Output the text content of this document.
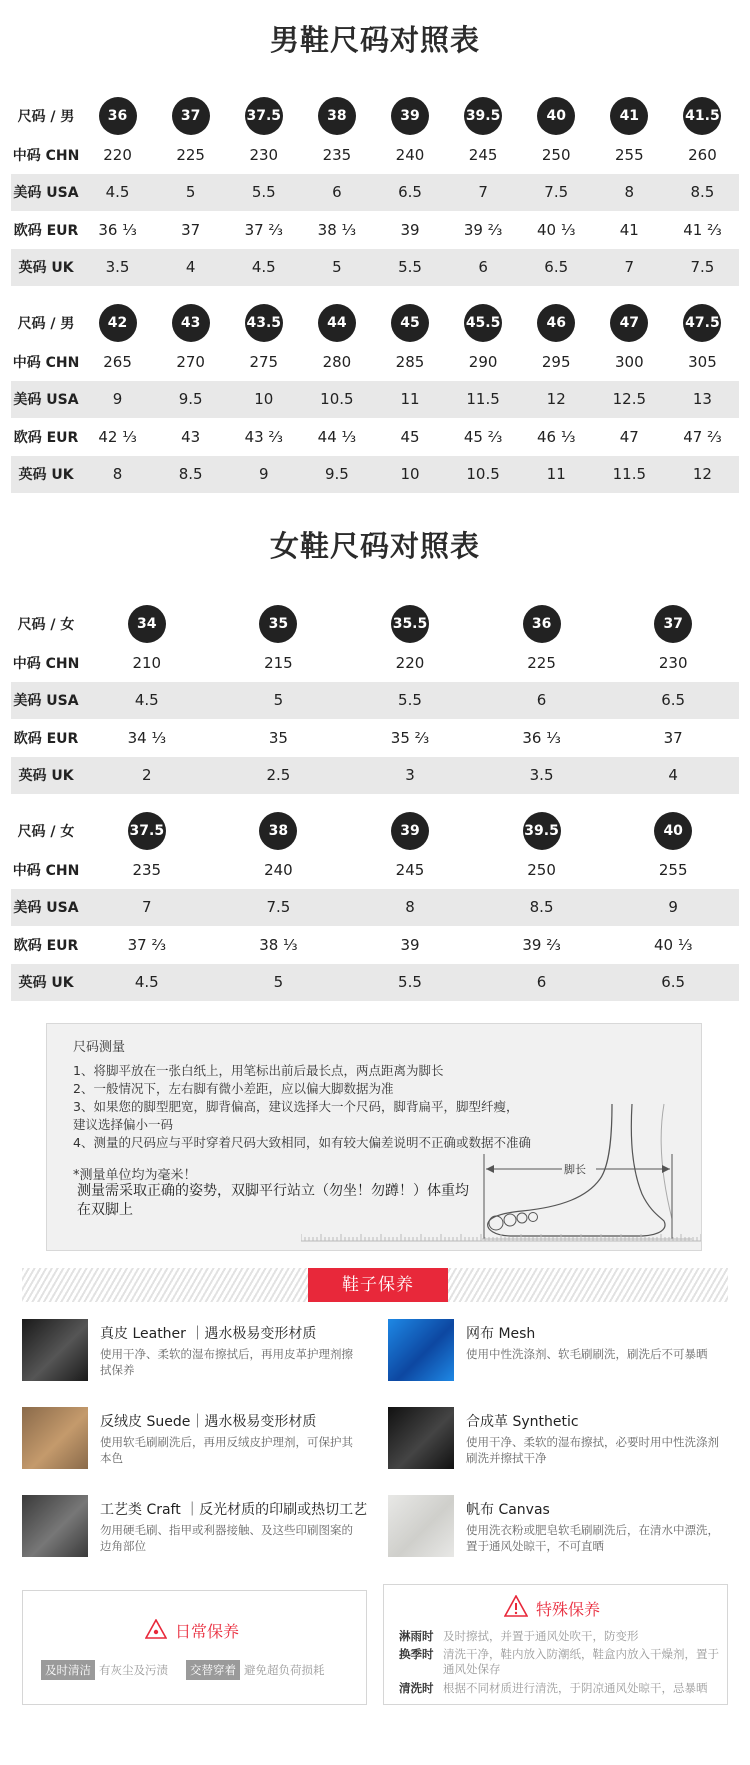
男鞋尺码对照表
尺码 / 男	36	37	37.5	38	39	39.5	40	41	41.5
中码 CHN	220	225	230	235	240	245	250	255	260
美码 USA	4.5	5	5.5	6	6.5	7	7.5	8	8.5
欧码 EUR	36 ⅓	37	37 ⅔	38 ⅓	39	39 ⅔	40 ⅓	41	41 ⅔
英码 UK	3.5	4	4.5	5	5.5	6	6.5	7	7.5
尺码 / 男	42	43	43.5	44	45	45.5	46	47	47.5
中码 CHN	265	270	275	280	285	290	295	300	305
美码 USA	9	9.5	10	10.5	11	11.5	12	12.5	13
欧码 EUR	42 ⅓	43	43 ⅔	44 ⅓	45	45 ⅔	46 ⅓	47	47 ⅔
英码 UK	8	8.5	9	9.5	10	10.5	11	11.5	12
女鞋尺码对照表
尺码 / 女	34	35	35.5	36	37
中码 CHN	210	215	220	225	230
美码 USA	4.5	5	5.5	6	6.5
欧码 EUR	34 ⅓	35	35 ⅔	36 ⅓	37
英码 UK	2	2.5	3	3.5	4
尺码 / 女	37.5	38	39	39.5	40
中码 CHN	235	240	245	250	255
美码 USA	7	7.5	8	8.5	9
欧码 EUR	37 ⅔	38 ⅓	39	39 ⅔	40 ⅓
英码 UK	4.5	5	5.5	6	6.5
尺码测量
1、将脚平放在一张白纸上，用笔标出前后最长点，两点距离为脚长
2、一般情况下，左右脚有微小差距，应以偏大脚数据为准
3、如果您的脚型肥宽，脚背偏高，建议选择大一个尺码，脚背扁平，脚型纤瘦，
建议选择偏小一码
4、测量的尺码应与平时穿着尺码大致相同，如有较大偏差说明不正确或数据不准确
*测量单位均为毫米！
测量需采取正确的姿势，双脚平行站立（勿坐！勿蹲！）体重均在双脚上
脚长
鞋子保养
真皮 Leather ｜遇水极易变形材质
使用干净、柔软的湿布擦拭后，再用皮革护理剂擦拭保养
网布 Mesh
使用中性洗涤剂、软毛刷刷洗，刷洗后不可暴晒
反绒皮 Suede｜遇水极易变形材质
使用软毛刷刷洗后，再用反绒皮护理剂，可保护其本色
合成革 Synthetic
使用干净、柔软的湿布擦拭，必要时用中性洗涤剂刷洗并擦拭干净
工艺类 Craft ｜反光材质的印刷或热切工艺
勿用硬毛刷、指甲或利器接触、及这些印刷图案的边角部位
帆布 Canvas
使用洗衣粉或肥皂软毛刷刷洗后，在清水中漂洗，置于通风处晾干，不可直晒
日常保养
及时清洁 有灰尘及污渍 交替穿着 避免超负荷损耗
特殊保养
淋雨时 及时擦拭，并置于通风处吹干，防变形
换季时 清洗干净，鞋内放入防潮纸，鞋盒内放入干燥剂，置于通风处保存
清洗时 根据不同材质进行清洗，于阴凉通风处晾干，忌暴晒
